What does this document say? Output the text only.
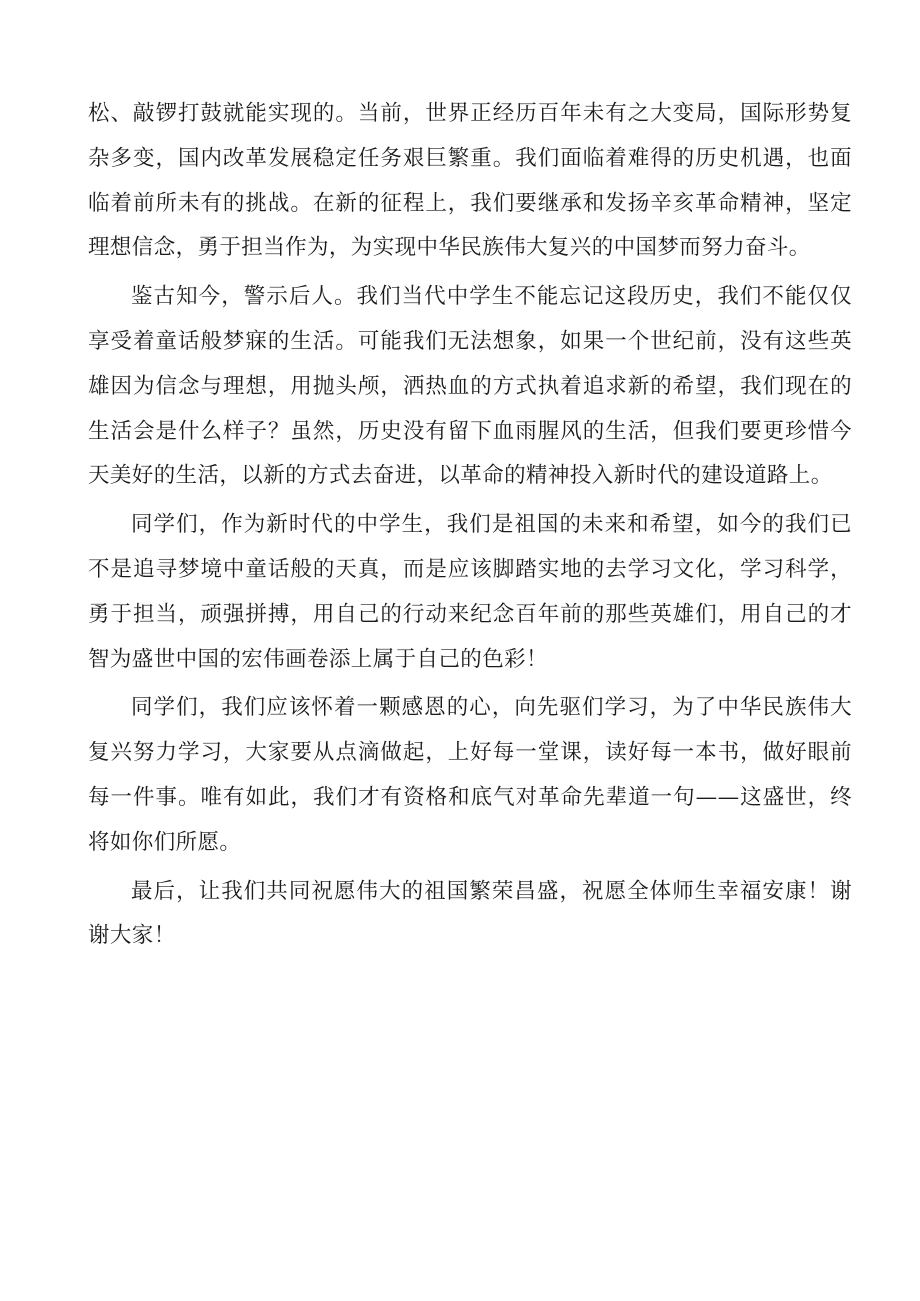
松、敲锣打鼓就能实现的。当前，世界正经历百年未有之大变局，国际形势复杂多变，国内改革发展稳定任务艰巨繁重。我们面临着难得的历史机遇，也面临着前所未有的挑战。在新的征程上，我们要继承和发扬辛亥革命精神，坚定理想信念，勇于担当作为，为实现中华民族伟大复兴的中国梦而努力奋斗。

鉴古知今，警示后人。我们当代中学生不能忘记这段历史，我们不能仅仅享受着童话般梦寐的生活。可能我们无法想象，如果一个世纪前，没有这些英雄因为信念与理想，用抛头颅，洒热血的方式执着追求新的希望，我们现在的生活会是什么样子？虽然，历史没有留下血雨腥风的生活，但我们要更珍惜今天美好的生活，以新的方式去奋进，以革命的精神投入新时代的建设道路上。

同学们，作为新时代的中学生，我们是祖国的未来和希望，如今的我们已不是追寻梦境中童话般的天真，而是应该脚踏实地的去学习文化，学习科学，勇于担当，顽强拼搏，用自己的行动来纪念百年前的那些英雄们，用自己的才智为盛世中国的宏伟画卷添上属于自己的色彩！

同学们，我们应该怀着一颗感恩的心，向先驱们学习，为了中华民族伟大复兴努力学习，大家要从点滴做起，上好每一堂课，读好每一本书，做好眼前每一件事。唯有如此，我们才有资格和底气对革命先辈道一句——这盛世，终将如你们所愿。

最后，让我们共同祝愿伟大的祖国繁荣昌盛，祝愿全体师生幸福安康！谢谢大家！
